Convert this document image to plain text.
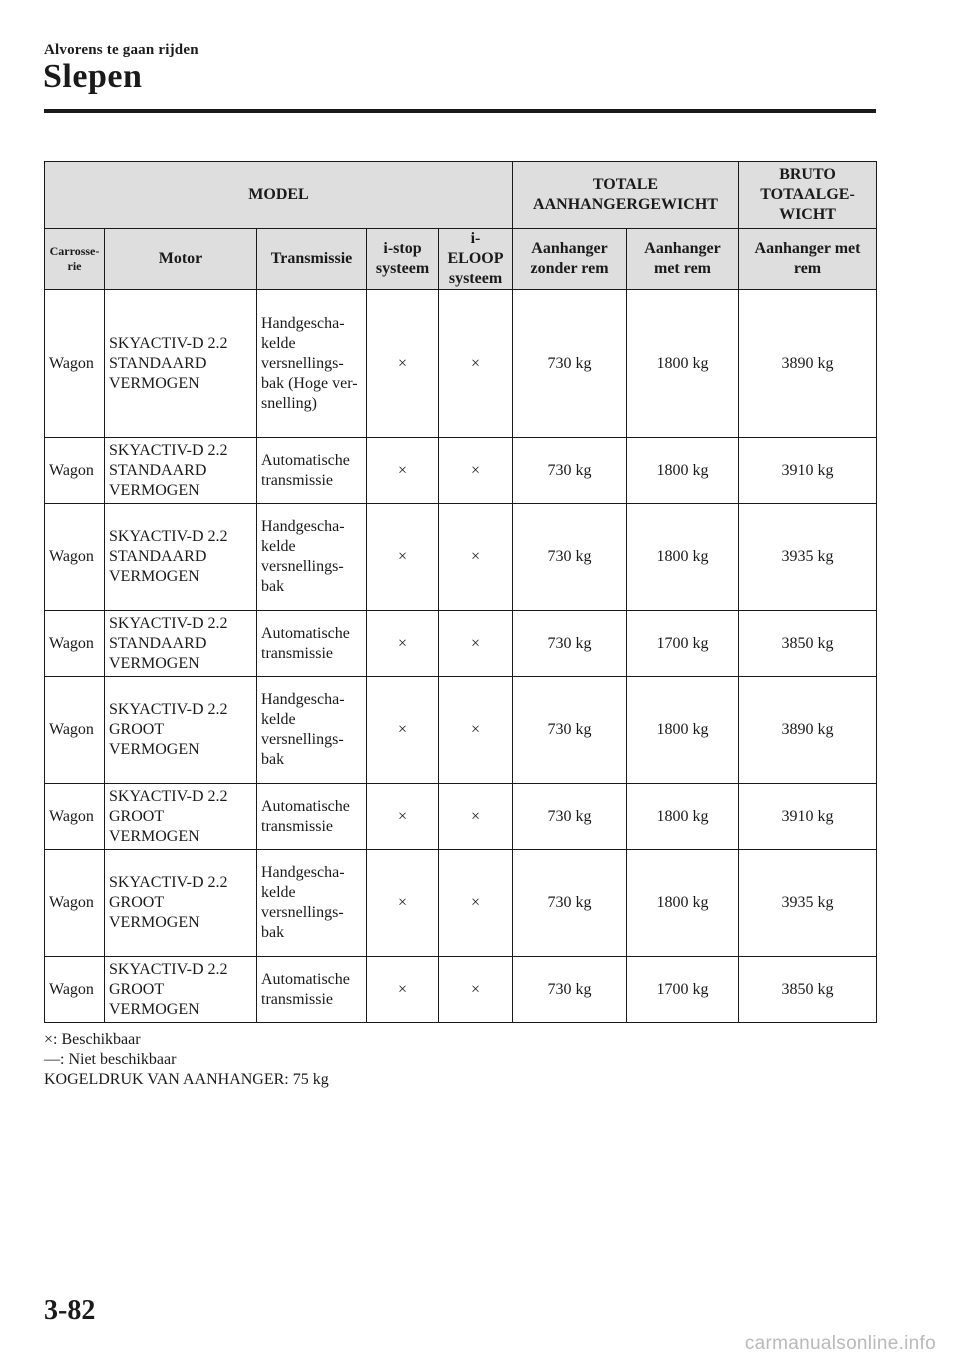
Alvorens te gaan rijden
Slepen
MODEL					TOTALE AANHANGERGEWICHT		BRUTO TOTAALGE-WICHT
Carrosse-rie	Motor	Transmissie	i-stop systeem	i-ELOOP systeem	Aanhanger zonder rem	Aanhanger met rem	Aanhanger met rem
Wagon	SKYACTIV-D 2.2 STANDAARD VERMOGEN	Handgescha-kelde versnellings-bak (Hoge ver-snelling)	×	×	730 kg	1800 kg	3890 kg
Wagon	SKYACTIV-D 2.2 STANDAARD VERMOGEN	Automatische transmissie	×	×	730 kg	1800 kg	3910 kg
Wagon	SKYACTIV-D 2.2 STANDAARD VERMOGEN	Handgescha-kelde versnellings-bak	×	×	730 kg	1800 kg	3935 kg
Wagon	SKYACTIV-D 2.2 STANDAARD VERMOGEN	Automatische transmissie	×	×	730 kg	1700 kg	3850 kg
Wagon	SKYACTIV-D 2.2 GROOT VERMOGEN	Handgescha-kelde versnellings-bak	×	×	730 kg	1800 kg	3890 kg
Wagon	SKYACTIV-D 2.2 GROOT VERMOGEN	Automatische transmissie	×	×	730 kg	1800 kg	3910 kg
Wagon	SKYACTIV-D 2.2 GROOT VERMOGEN	Handgescha-kelde versnellings-bak	×	×	730 kg	1800 kg	3935 kg
Wagon	SKYACTIV-D 2.2 GROOT VERMOGEN	Automatische transmissie	×	×	730 kg	1700 kg	3850 kg
×: Beschikbaar
―: Niet beschikbaar
KOGELDRUK VAN AANHANGER: 75 kg
3-82
carmanualsonline.info
